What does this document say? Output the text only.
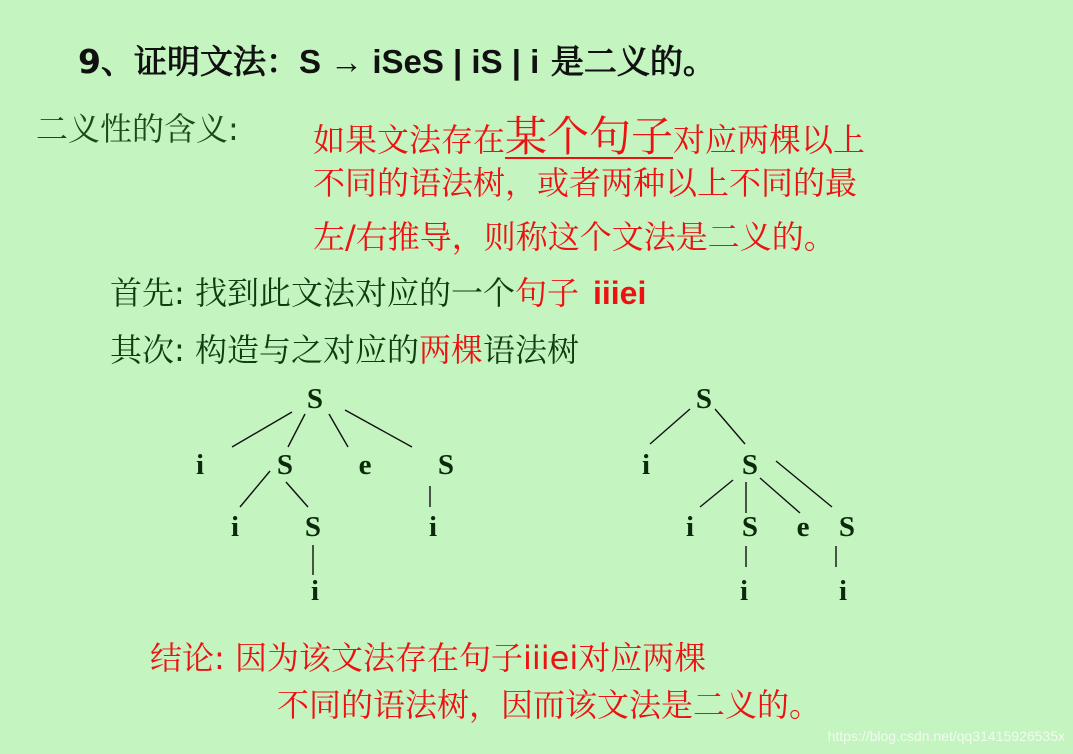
9、证明文法：S → iSeS | iS | i 是二义的。
二义性的含义: 如果文法存在某个句子对应两棵以上
不同的语法树，或者两种以上不同的最
左/右推导，则称这个文法是二义的。
首先: 找到此文法对应的一个句子 iiiei
其次: 构造与之对应的两棵语法树
S
i	S e S
i S	i
i
S
i	S
i S e S
i	i
结论: 因为该文法存在句子iiiei对应两棵
不同的语法树，因而该文法是二义的。
https://blog.csdn.net/qq31415926535x
